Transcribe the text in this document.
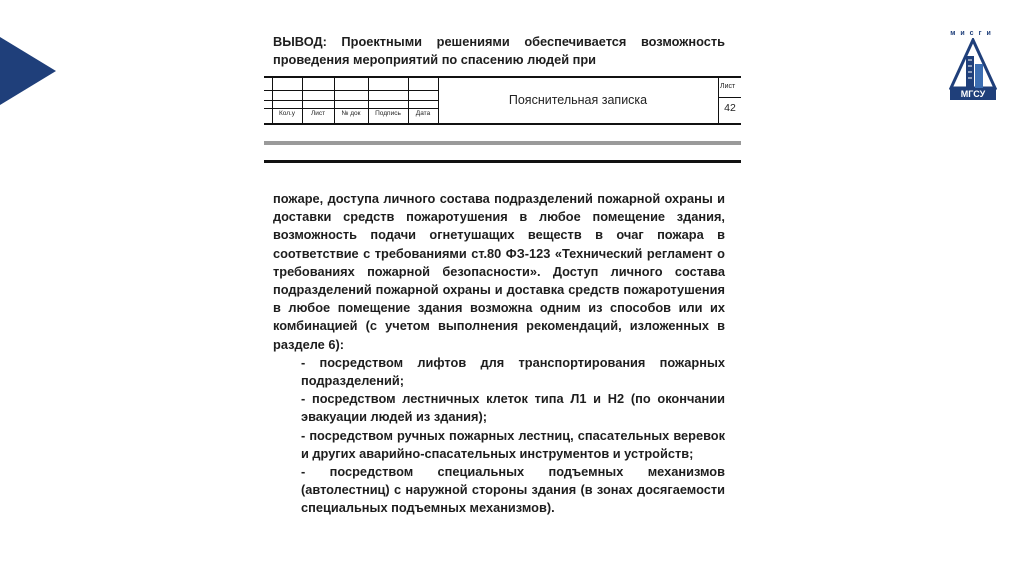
мисги
МГСУ

ВЫВОД: Проектными решениями обеспечивается возможность проведения мероприятий по спасению людей при

Кол.у	Лист	№ док	Подпись	Дата
Пояснительная записка
Лист
42
пожаре, доступа личного состава подразделений пожарной охраны и доставки средств пожаротушения в любое помещение здания, возможность подачи огнетушащих веществ в очаг пожара в соответствие с требованиями ст.80 ФЗ-123 «Технический регламент о требованиях пожарной безопасности». Доступ личного состава подразделений пожарной охраны и доставка средств пожаротушения в любое помещение здания возможна одним из способов или их комбинацией (с учетом выполнения рекомендаций, изложенных в разделе 6):
- посредством лифтов для транспортирования пожарных подразделений;
- посредством лестничных клеток типа Л1 и Н2 (по окончании эвакуации людей из здания);
- посредством ручных пожарных лестниц, спасательных веревок и других аварийно-спасательных инструментов и устройств;
- посредством специальных подъемных механизмов (автолестниц) с наружной стороны здания (в зонах досягаемости специальных подъемных механизмов).
